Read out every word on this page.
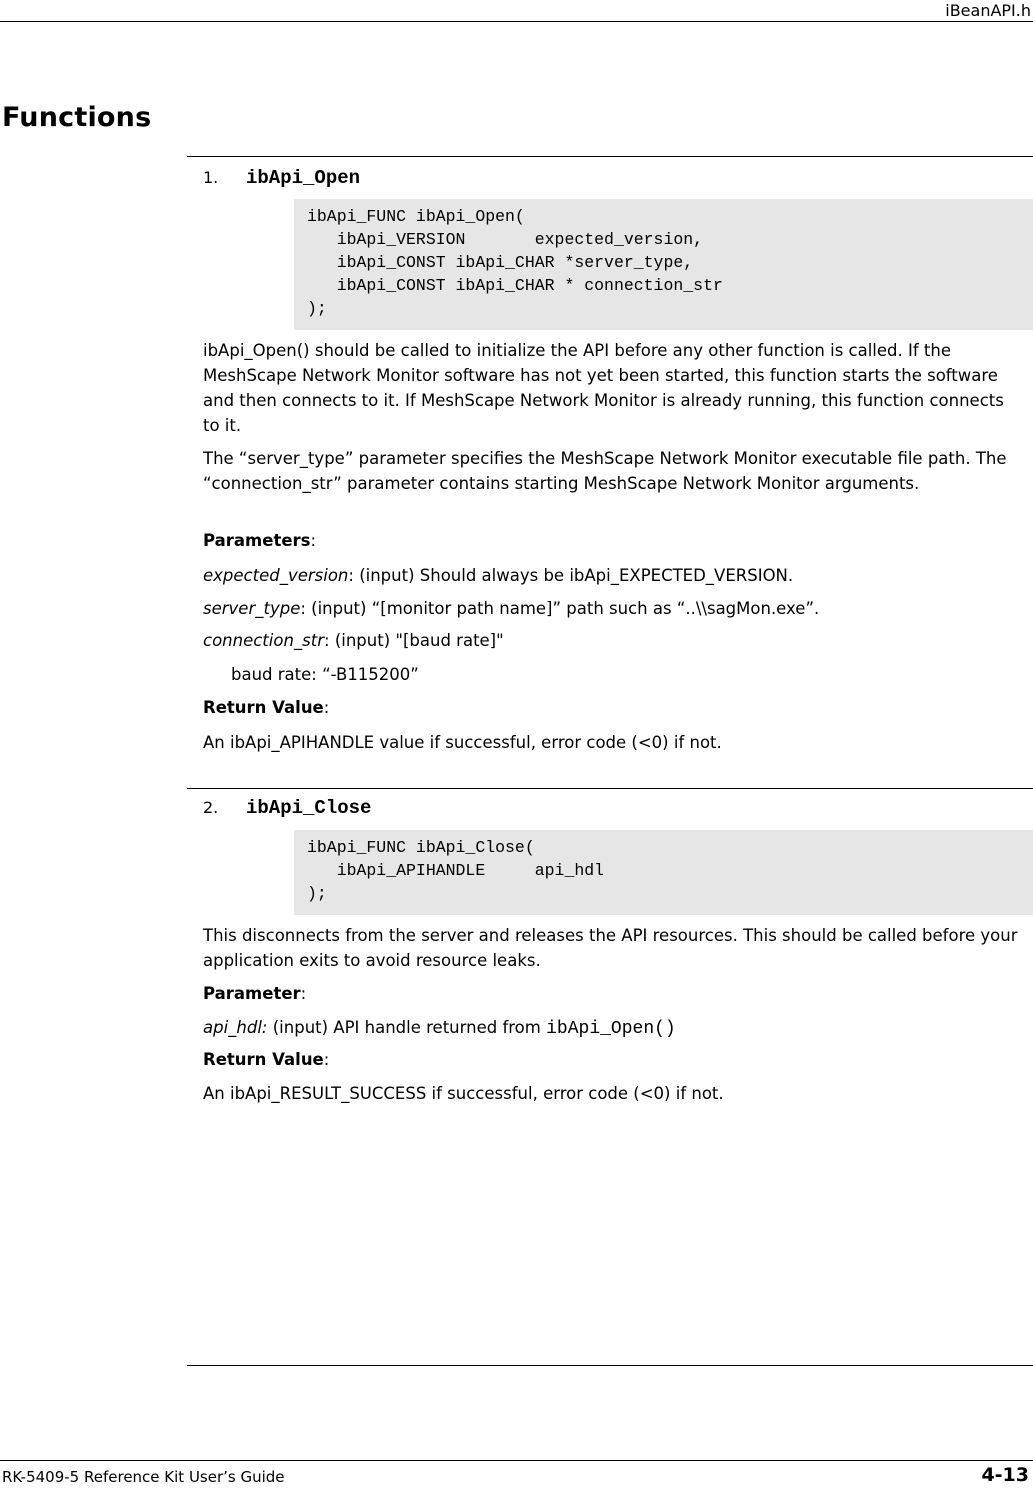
iBeanAPI.h
Functions
1. ibApi_Open
ibApi_FUNC ibApi_Open(
ibApi_VERSION       expected_version,
ibApi_CONST ibApi_CHAR *server_type,
ibApi_CONST ibApi_CHAR * connection_str
);
ibApi_Open() should be called to initialize the API before any other function is called. If the MeshScape Network Monitor software has not yet been started, this function starts the software and then connects to it. If MeshScape Network Monitor is already running, this function connects to it.
The “server_type” parameter specifies the MeshScape Network Monitor executable file path. The “connection_str” parameter contains starting MeshScape Network Monitor arguments.
Parameters:
expected_version: (input) Should always be ibApi_EXPECTED_VERSION.
server_type: (input) “[monitor path name]” path such as “..\\sagMon.exe”.
connection_str: (input) "[baud rate]"
baud rate: “-B115200”
Return Value:
An ibApi_APIHANDLE value if successful, error code (<0) if not.
2. ibApi_Close
ibApi_FUNC ibApi_Close(
ibApi_APIHANDLE     api_hdl
);
This disconnects from the server and releases the API resources. This should be called before your application exits to avoid resource leaks.
Parameter:
api_hdl: (input) API handle returned from ibApi_Open()
Return Value:
An ibApi_RESULT_SUCCESS if successful, error code (<0) if not.
RK-5409-5 Reference Kit User’s Guide	4-13
